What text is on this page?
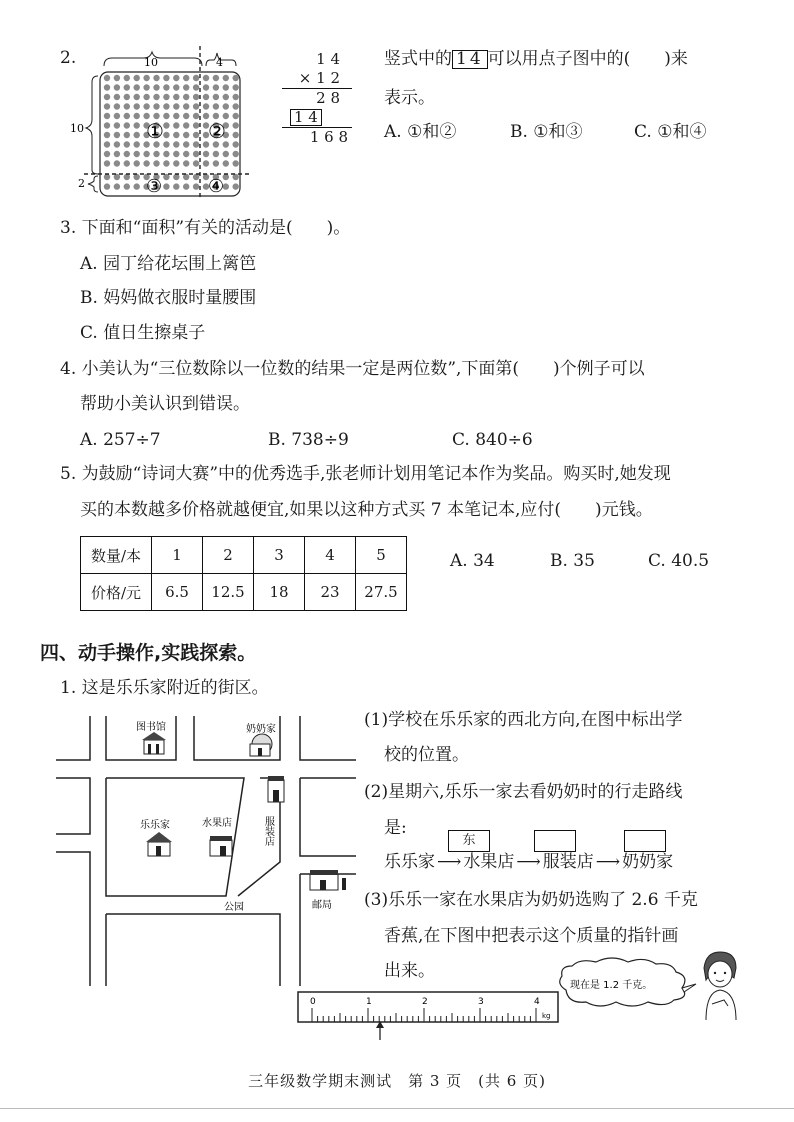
2.	10	4
10
2
① ②
③	④
1 4
× 1 2
2 8
1 4
1 6 8
竖式中的 14 可以用点子图中的(　　)来
表示。
A. ①和②	B. ①和③	C. ①和④
3. 下面和“面积”有关的活动是(　　)。
A. 园丁给花坛围上篱笆
B. 妈妈做衣服时量腰围
C. 值日生擦桌子
4. 小美认为“三位数除以一位数的结果一定是两位数”,下面第(　　)个例子可以
帮助小美认识到错误。
A. 257÷7	B. 738÷9	C. 840÷6
5. 为鼓励“诗词大赛”中的优秀选手,张老师计划用笔记本作为奖品。购买时,她发现
买的本数越多价格就越便宜,如果以这种方式买 7 本笔记本,应付(　　)元钱。
数量/本	1	2	3	4	5
价格/元	6.5	12.5	18	23	27.5
A. 34	B. 35	C. 40.5
四、动手操作,实践探索。
1. 这是乐乐家附近的街区。
图书馆	奶奶家
乐乐家	水果店	服装店
公园	邮局
(1)学校在乐乐家的西北方向,在图中标出学
校的位置。
(2)星期六,乐乐一家去看奶奶时的行走路线
是:
东
乐乐家 ⟶ 水果店 ⟶ 服装店 ⟶ 奶奶家
(3)乐乐一家在水果店为奶奶选购了 2.6 千克
香蕉,在下图中把表示这个质量的指针画
出来。
现在是 1.2 千克。
0	1	2	3	4
kg
三年级数学期末测试　第 3 页　(共 6 页)
